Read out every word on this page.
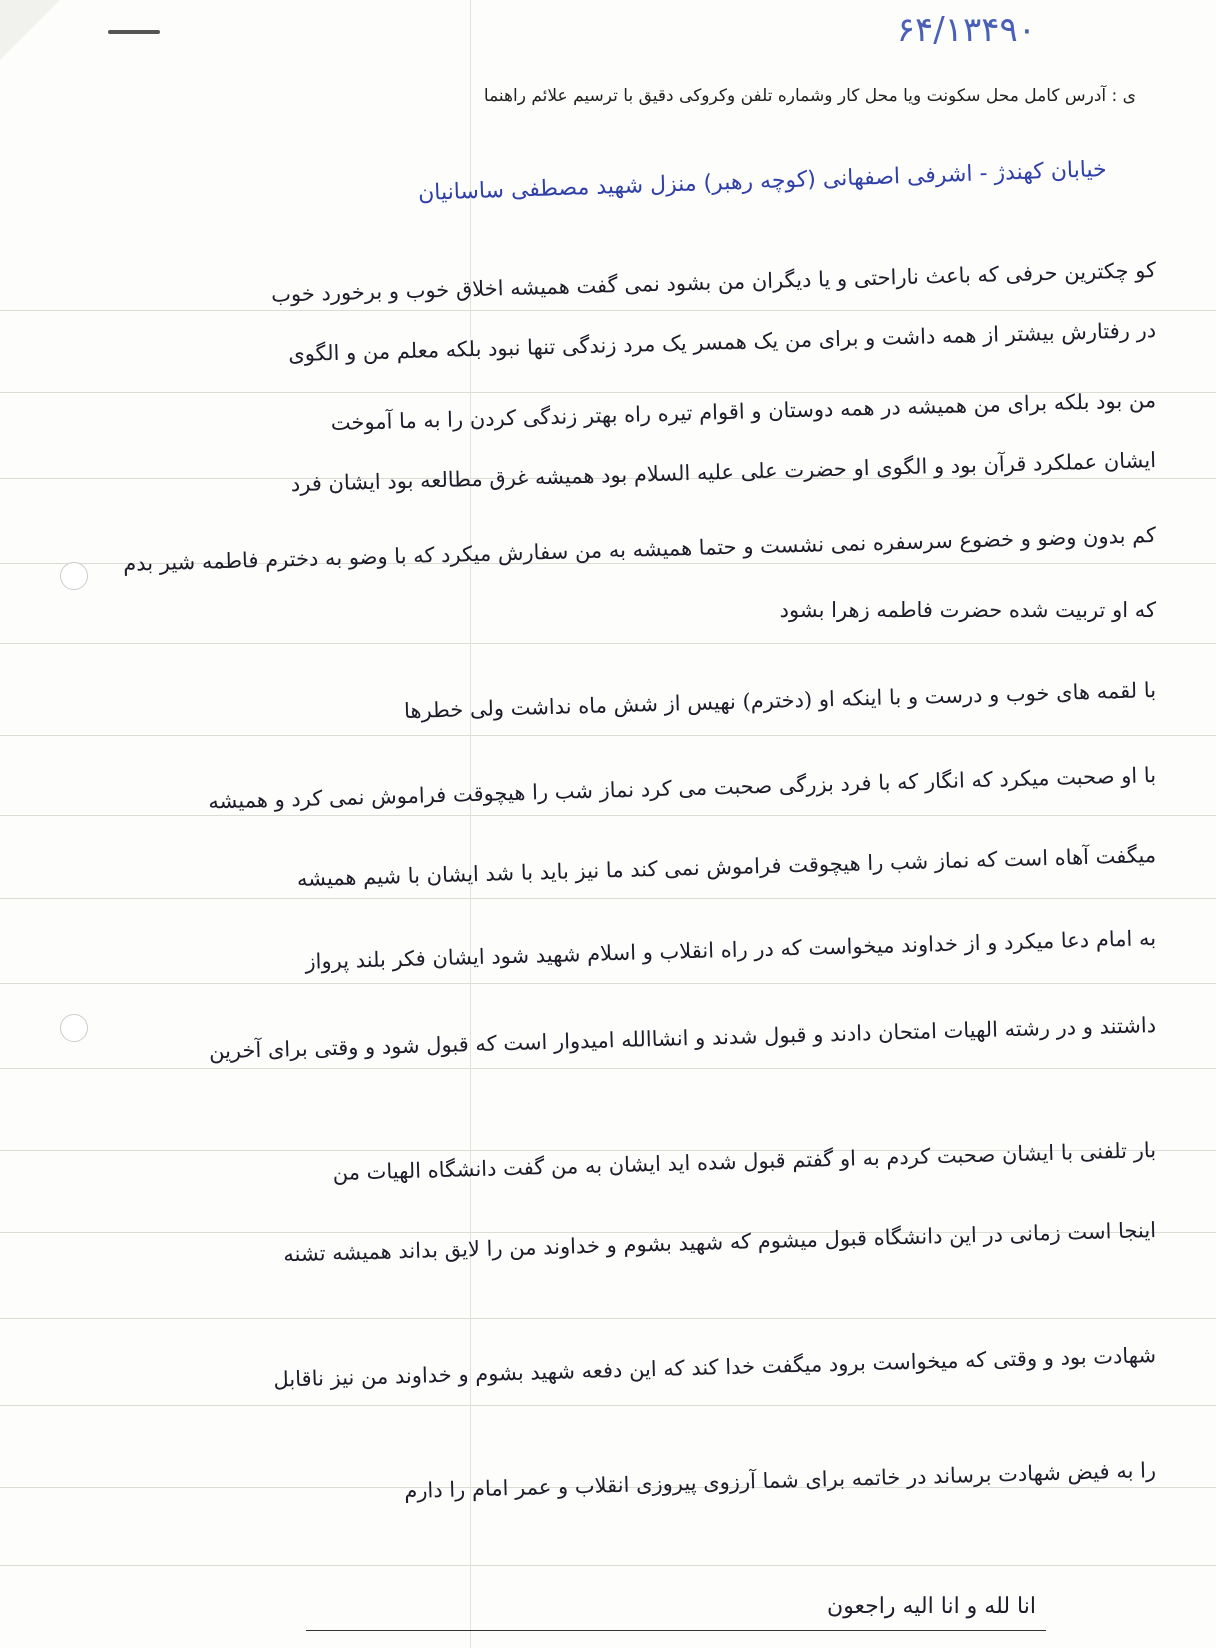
۶۴/۱۳۴۹۰
ی : آدرس کامل محل سکونت ویا محل کار وشماره تلفن وکروکی دقیق با ترسیم علائم راهنما
خیابان کهندژ - اشرفی اصفهانی (کوچه رهبر) منزل شهید مصطفی ساسانیان
کو چکترین حرفی که باعث ناراحتی و یا دیگران من بشود نمی گفت همیشه اخلاق خوب و برخورد خوب
در رفتارش بیشتر از همه داشت و برای من یک همسر یک مرد زندگی تنها نبود بلکه معلم من و الگوی
من بود بلکه برای من همیشه در همه دوستان و اقوام تیره راه بهتر زندگی کردن را به ما آموخت
ایشان عملکرد قرآن بود و الگوی او حضرت علی علیه السلام بود همیشه غرق مطالعه بود ایشان فرد
کم بدون وضو و خضوع سرسفره نمی نشست و حتما همیشه به من سفارش میکرد که با وضو به دخترم فاطمه شیر بدم
که او تربیت شده حضرت فاطمه زهرا بشود
با لقمه های خوب و درست و با اینکه او (دخترم) نهیس از شش ماه نداشت ولی خطرها
با او صحبت میکرد که انگار که با فرد بزرگی صحبت می کرد نماز شب را هیچوقت فراموش نمی کرد و همیشه
میگفت آهاه است که نماز شب را هیچوقت فراموش نمی کند ما نیز باید با شد ایشان با شیم همیشه
به امام دعا میکرد و از خداوند میخواست که در راه انقلاب و اسلام شهید شود ایشان فکر بلند پرواز
داشتند و در رشته الهیات امتحان دادند و قبول شدند و انشاالله امیدوار است که قبول شود و وقتی برای آخرین
بار تلفنی با ایشان صحبت کردم به او گفتم قبول شده اید ایشان به من گفت دانشگاه الهیات من
اینجا است زمانی در این دانشگاه قبول میشوم که شهید بشوم و خداوند من را لایق بداند همیشه تشنه
شهادت بود و وقتی که میخواست برود میگفت خدا کند که این دفعه شهید بشوم و خداوند من نیز ناقابل
را به فیض شهادت برساند در خاتمه برای شما آرزوی پیروزی انقلاب و عمر امام را دارم
انا لله و انا الیه راجعون
